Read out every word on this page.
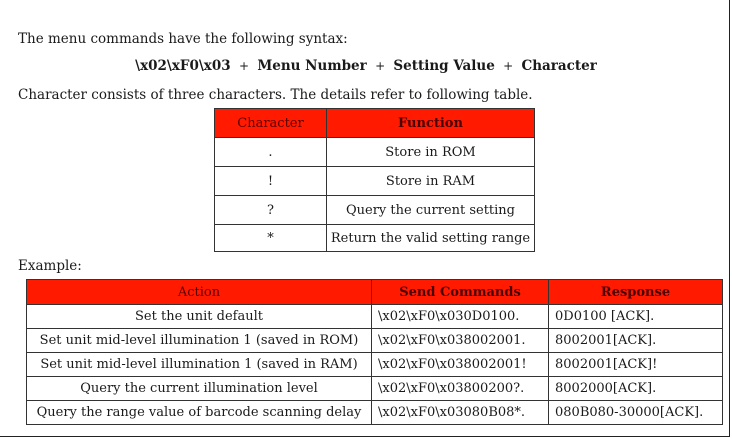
The menu commands have the following syntax:
\x02\xF0\x03 + Menu Number + Setting Value + Character
Character consists of three characters. The details refer to following table.
Character	Function
.	Store in ROM
!	Store in RAM
?	Query the current setting
*	Return the valid setting range
Example:
Action	Send Commands	Response
Set the unit default	\x02\xF0\x030D0100.	0D0100 [ACK].
Set unit mid-level illumination 1 (saved in ROM)	\x02\xF0\x038002001.	8002001[ACK].
Set unit mid-level illumination 1 (saved in RAM)	\x02\xF0\x038002001!	8002001[ACK]!
Query the current illumination level	\x02\xF0\x03800200?.	8002000[ACK].
Query the range value of barcode scanning delay	\x02\xF0\x03080B08*.	080B080-30000[ACK].
